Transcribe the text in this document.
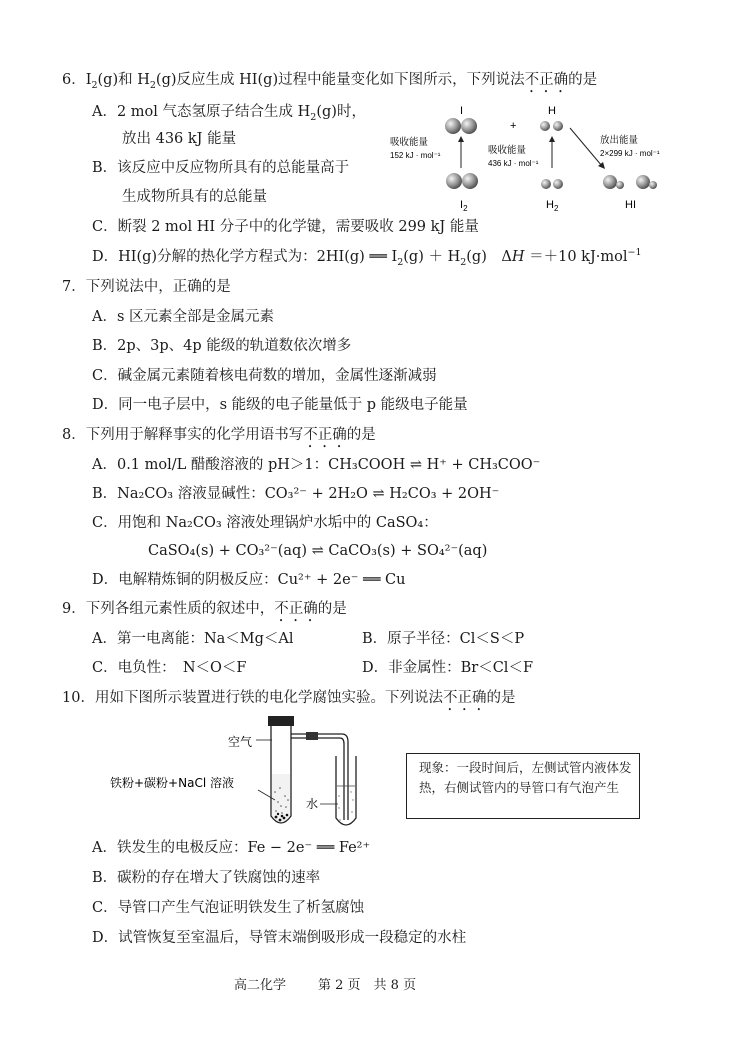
6．$I_2(g)$和 $H_2(g)$反应生成 HI(g)过程中能量变化如下图所示，下列说法不正确的是
A．2 mol 气态氢原子结合生成 $H_2(g)$时，
放出 436 kJ 能量
B．该反应中反应物所具有的总能量高于
生成物所具有的总能量
C．断裂 2 mol HI 分子中的化学键，需要吸收 299 kJ 能量
D．HI(g)分解的热化学方程式为：2HI(g) ══ $I_2(g) + H_2(g)$　ΔH ＝＋10 kJ·mol$^{-1}$
I
+
H
吸收能量
152 kJ · mol⁻¹	吸收能量
436 kJ · mol⁻¹
放出能量
2×299 kJ · mol⁻¹
$I_2$	$H_2$	HI
7．下列说法中，正确的是
A．s 区元素全部是金属元素
B．2p、3p、4p 能级的轨道数依次增多
C．碱金属元素随着核电荷数的增加，金属性逐渐减弱
D．同一电子层中，s 能级的电子能量低于 p 能级电子能量
8．下列用于解释事实的化学用语书写不正确的是
A．0.1 mol/L 醋酸溶液的 pH＞1：CH₃COOH ⇌ H⁺ + CH₃COO⁻
B．Na₂CO₃ 溶液显碱性：CO₃²⁻ + 2H₂O ⇌ H₂CO₃ + 2OH⁻
C．用饱和 Na₂CO₃ 溶液处理锅炉水垢中的 CaSO₄：
CaSO₄(s) + CO₃²⁻(aq) ⇌ CaCO₃(s) + SO₄²⁻(aq)
D．电解精炼铜的阴极反应：Cu²⁺ + 2e⁻ ══ Cu
9．下列各组元素性质的叙述中，不正确的是
A．第一电离能：Na＜Mg＜Al	B．原子半径：Cl＜S＜P
C．电负性：　N＜O＜F	D．非金属性：Br＜Cl＜F
10．用如下图所示装置进行铁的电化学腐蚀实验。下列说法不正确的是
空气
铁粉+碳粉+NaCl 溶液
水
现象：一段时间后，左侧试管内液体发热，右侧试管内的导管口有气泡产生
A．铁发生的电极反应：Fe − 2e⁻ ══ Fe²⁺
B．碳粉的存在增大了铁腐蚀的速率
C．导管口产生气泡证明铁发生了析氢腐蚀
D．试管恢复至室温后，导管末端倒吸形成一段稳定的水柱
高二化学 第 2 页　共 8 页
